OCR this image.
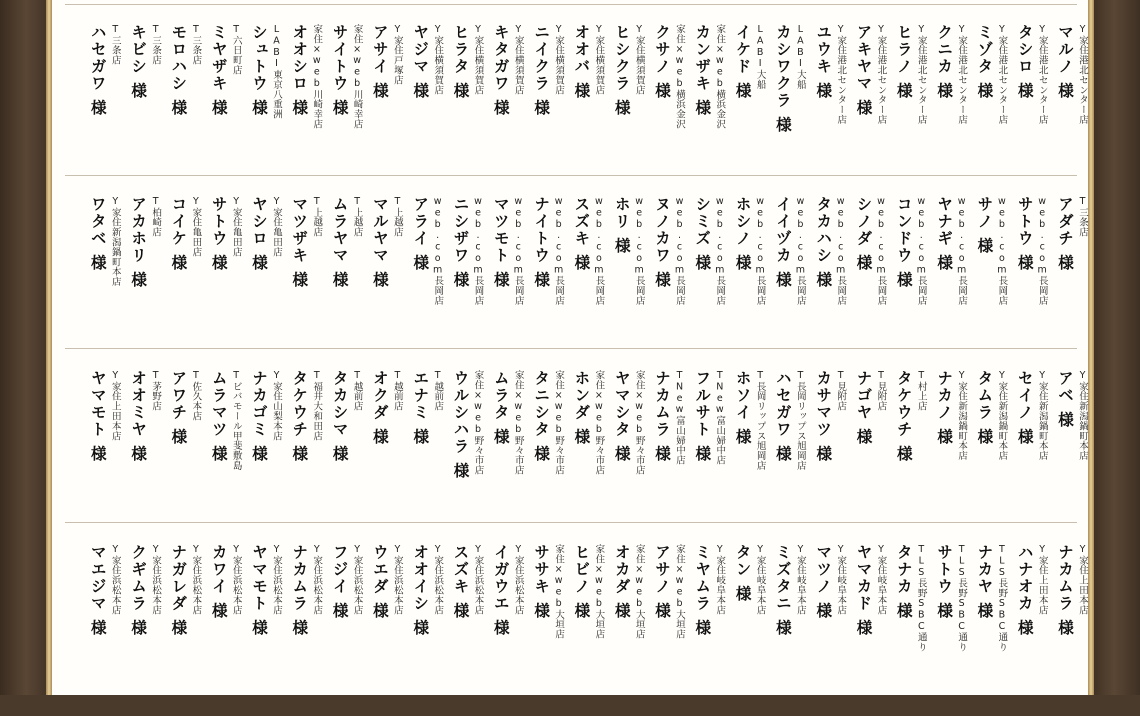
マルノ　様 Y家住港北センター店
タシロ　様 Y家住港北センター店
ミゾタ　様 Y家住港北センター店
クニカ　様 Y家住港北センター店
ヒラノ　様 Y家住港北センター店
アキヤマ　様 Y家住港北センター店
ユウキ　様 Y家住港北センター店
カシワクラ　様
LABI大船
イケド　様
LABI大船
カンザキ　様 家住×web横浜金沢
クサノ　様 家住×web横浜金沢
ヒシクラ　様
Y家住横須賀店
オオバ　様 Y家住横須賀店
ニイクラ　様
Y家住横須賀店
キタガワ　様
Y家住横須賀店
ヒラタ　様 Y家住横須賀店
ヤジマ　様 Y家住横須賀店
アサイ　様
Y家住戸塚店
サイトウ　様 家住×web川崎幸店
オオシロ　様 家住×web川崎幸店
シュトウ　様 LABI東京八重洲
ミヤザキ　様
T六日町店
モロハシ　様
T三条店
キビシ　様
T三条店
ハセガワ　様
T三条店
アダチ　様
T三条店
サトウ　様 web.com長岡店
サノ　様 web.com長岡店
ヤナギ　様 web.com長岡店
コンドウ　様 web.com長岡店
シノダ　様 web.com長岡店
タカハシ　様 web.com長岡店
イイヅカ　様 web.com長岡店
ホシノ　様 web.com長岡店
シミズ　様 web.com長岡店
ヌノカワ　様 web.com長岡店
ホリ　様 web.com長岡店
スズキ　様 web.com長岡店
ナイトウ　様 web.com長岡店
マツモト　様 web.com長岡店
ニシザワ　様 web.com長岡店
アライ　様 web.com長岡店
マルヤマ　様
T上越店
ムラヤマ　様
T上越店
マツザキ　様
T上越店
ヤシロ　様
Y家住亀田店
サトウ　様
Y家住亀田店
コイケ　様
Y家住亀田店
アカホリ　様
T柏崎店
ワタベ　様 Y家住新潟鍋町本店
アベ　様 Y家住新潟鍋町本店
セイノ　様 Y家住新潟鍋町本店
タムラ　様 Y家住新潟鍋町本店
ナカノ　様 Y家住新潟鍋町本店
タケウチ　様
T村上店
ナゴヤ　様
T見附店
カサマツ　様
T見附店
ハセガワ　様 T長岡リップス旭岡店
ホソイ　様 T長岡リップス旭岡店
フルサト　様 TNew富山婦中店
ナカムラ　様 TNew富山婦中店
ヤマシタ　様 家住×web野々市店
ホンダ　様 家住×web野々市店
タニシタ　様 家住×web野々市店
ムラタ　様 家住×web野々市店
ウルシハラ　様 家住×web野々市店
エナミ　様
T越前店
オクダ　様
T越前店
タカシマ　様
T越前店
タケウチ　様
T福井大和田店
ナカゴミ　様
Y家住山梨本店
ムラマツ　様 Tビバモール甲斐敷島
アワチ　様
T佐久本店
オオミヤ　様
T茅野店
ヤマモト　様
Y家住上田本店
ナカムラ　様
Y家住上田本店
ハナオカ　様
Y家住上田本店
ナカヤ　様 TLS長野SBC通り
サトウ　様 TLS長野SBC通り
タナカ　様 TLS長野SBC通り
ヤマカド　様
Y家住岐阜本店
マツノ　様 Y家住岐阜本店
ミズタニ　様
Y家住岐阜本店
タン　様 Y家住岐阜本店
ミヤムラ　様
Y家住岐阜本店
アサノ　様 家住×web大垣店
オカダ　様 家住×web大垣店
ヒビノ　様 家住×web大垣店
ササキ　様 家住×web大垣店
イガウエ　様
Y家住浜松本店
スズキ　様 Y家住浜松本店
オオイシ　様
Y家住浜松本店
ウエダ　様 Y家住浜松本店
フジイ　様 Y家住浜松本店
ナカムラ　様
Y家住浜松本店
ヤマモト　様
Y家住浜松本店
カワイ　様 Y家住浜松本店
ナガレダ　様
Y家住浜松本店
クギムラ　様
Y家住浜松本店
マエジマ　様
Y家住浜松本店
